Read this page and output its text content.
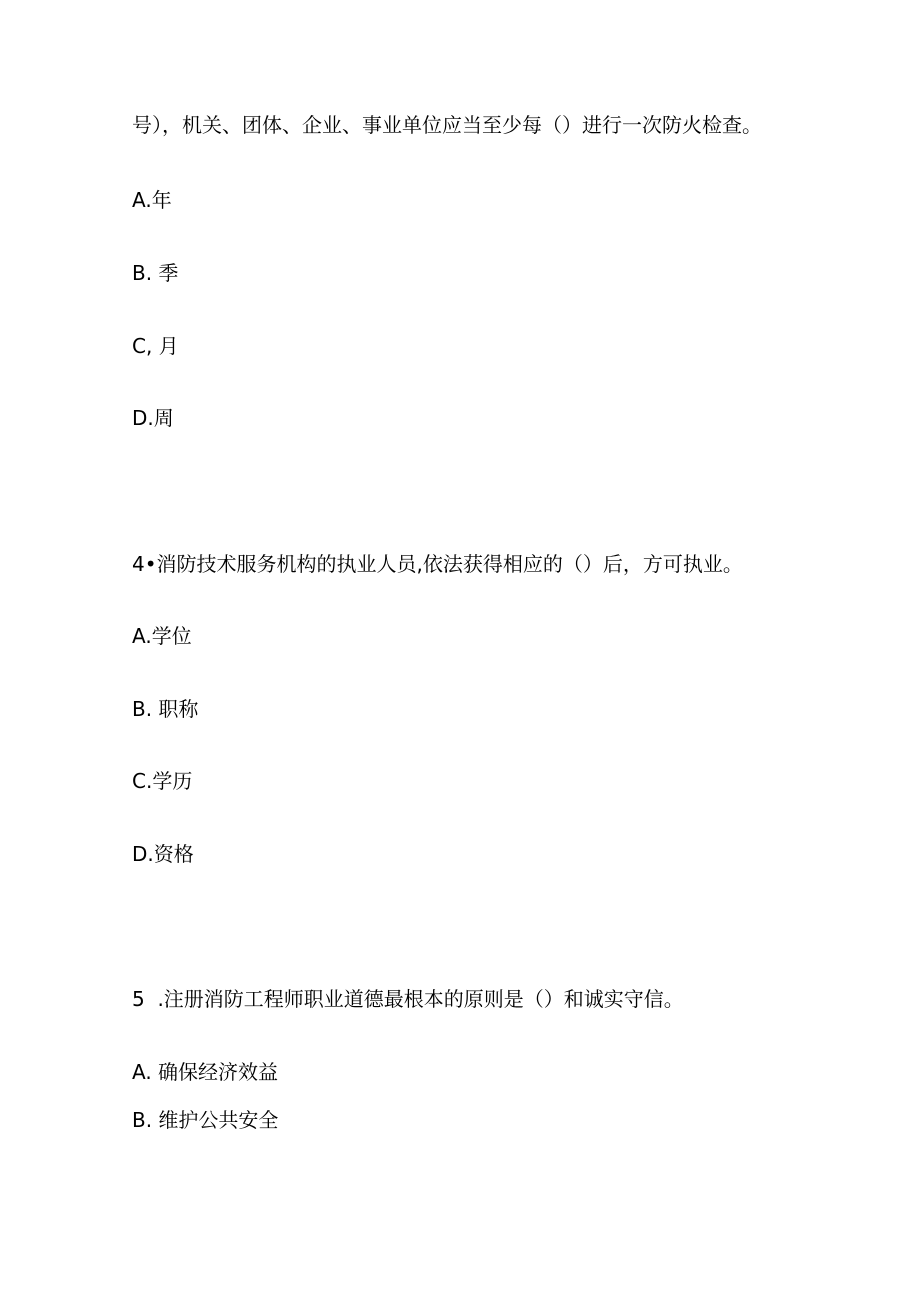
号），机关、团体、企业、事业单位应当至少每（）进行一次防火检查。
A.年
B. 季
C, 月
D.周
4•消防技术服务机构的执业人员,依法获得相应的（）后，方可执业。
A.学位
B. 职称
C.学历
D.资格
5  .注册消防工程师职业道德最根本的原则是（）和诚实守信。
A. 确保经济效益
B. 维护公共安全
